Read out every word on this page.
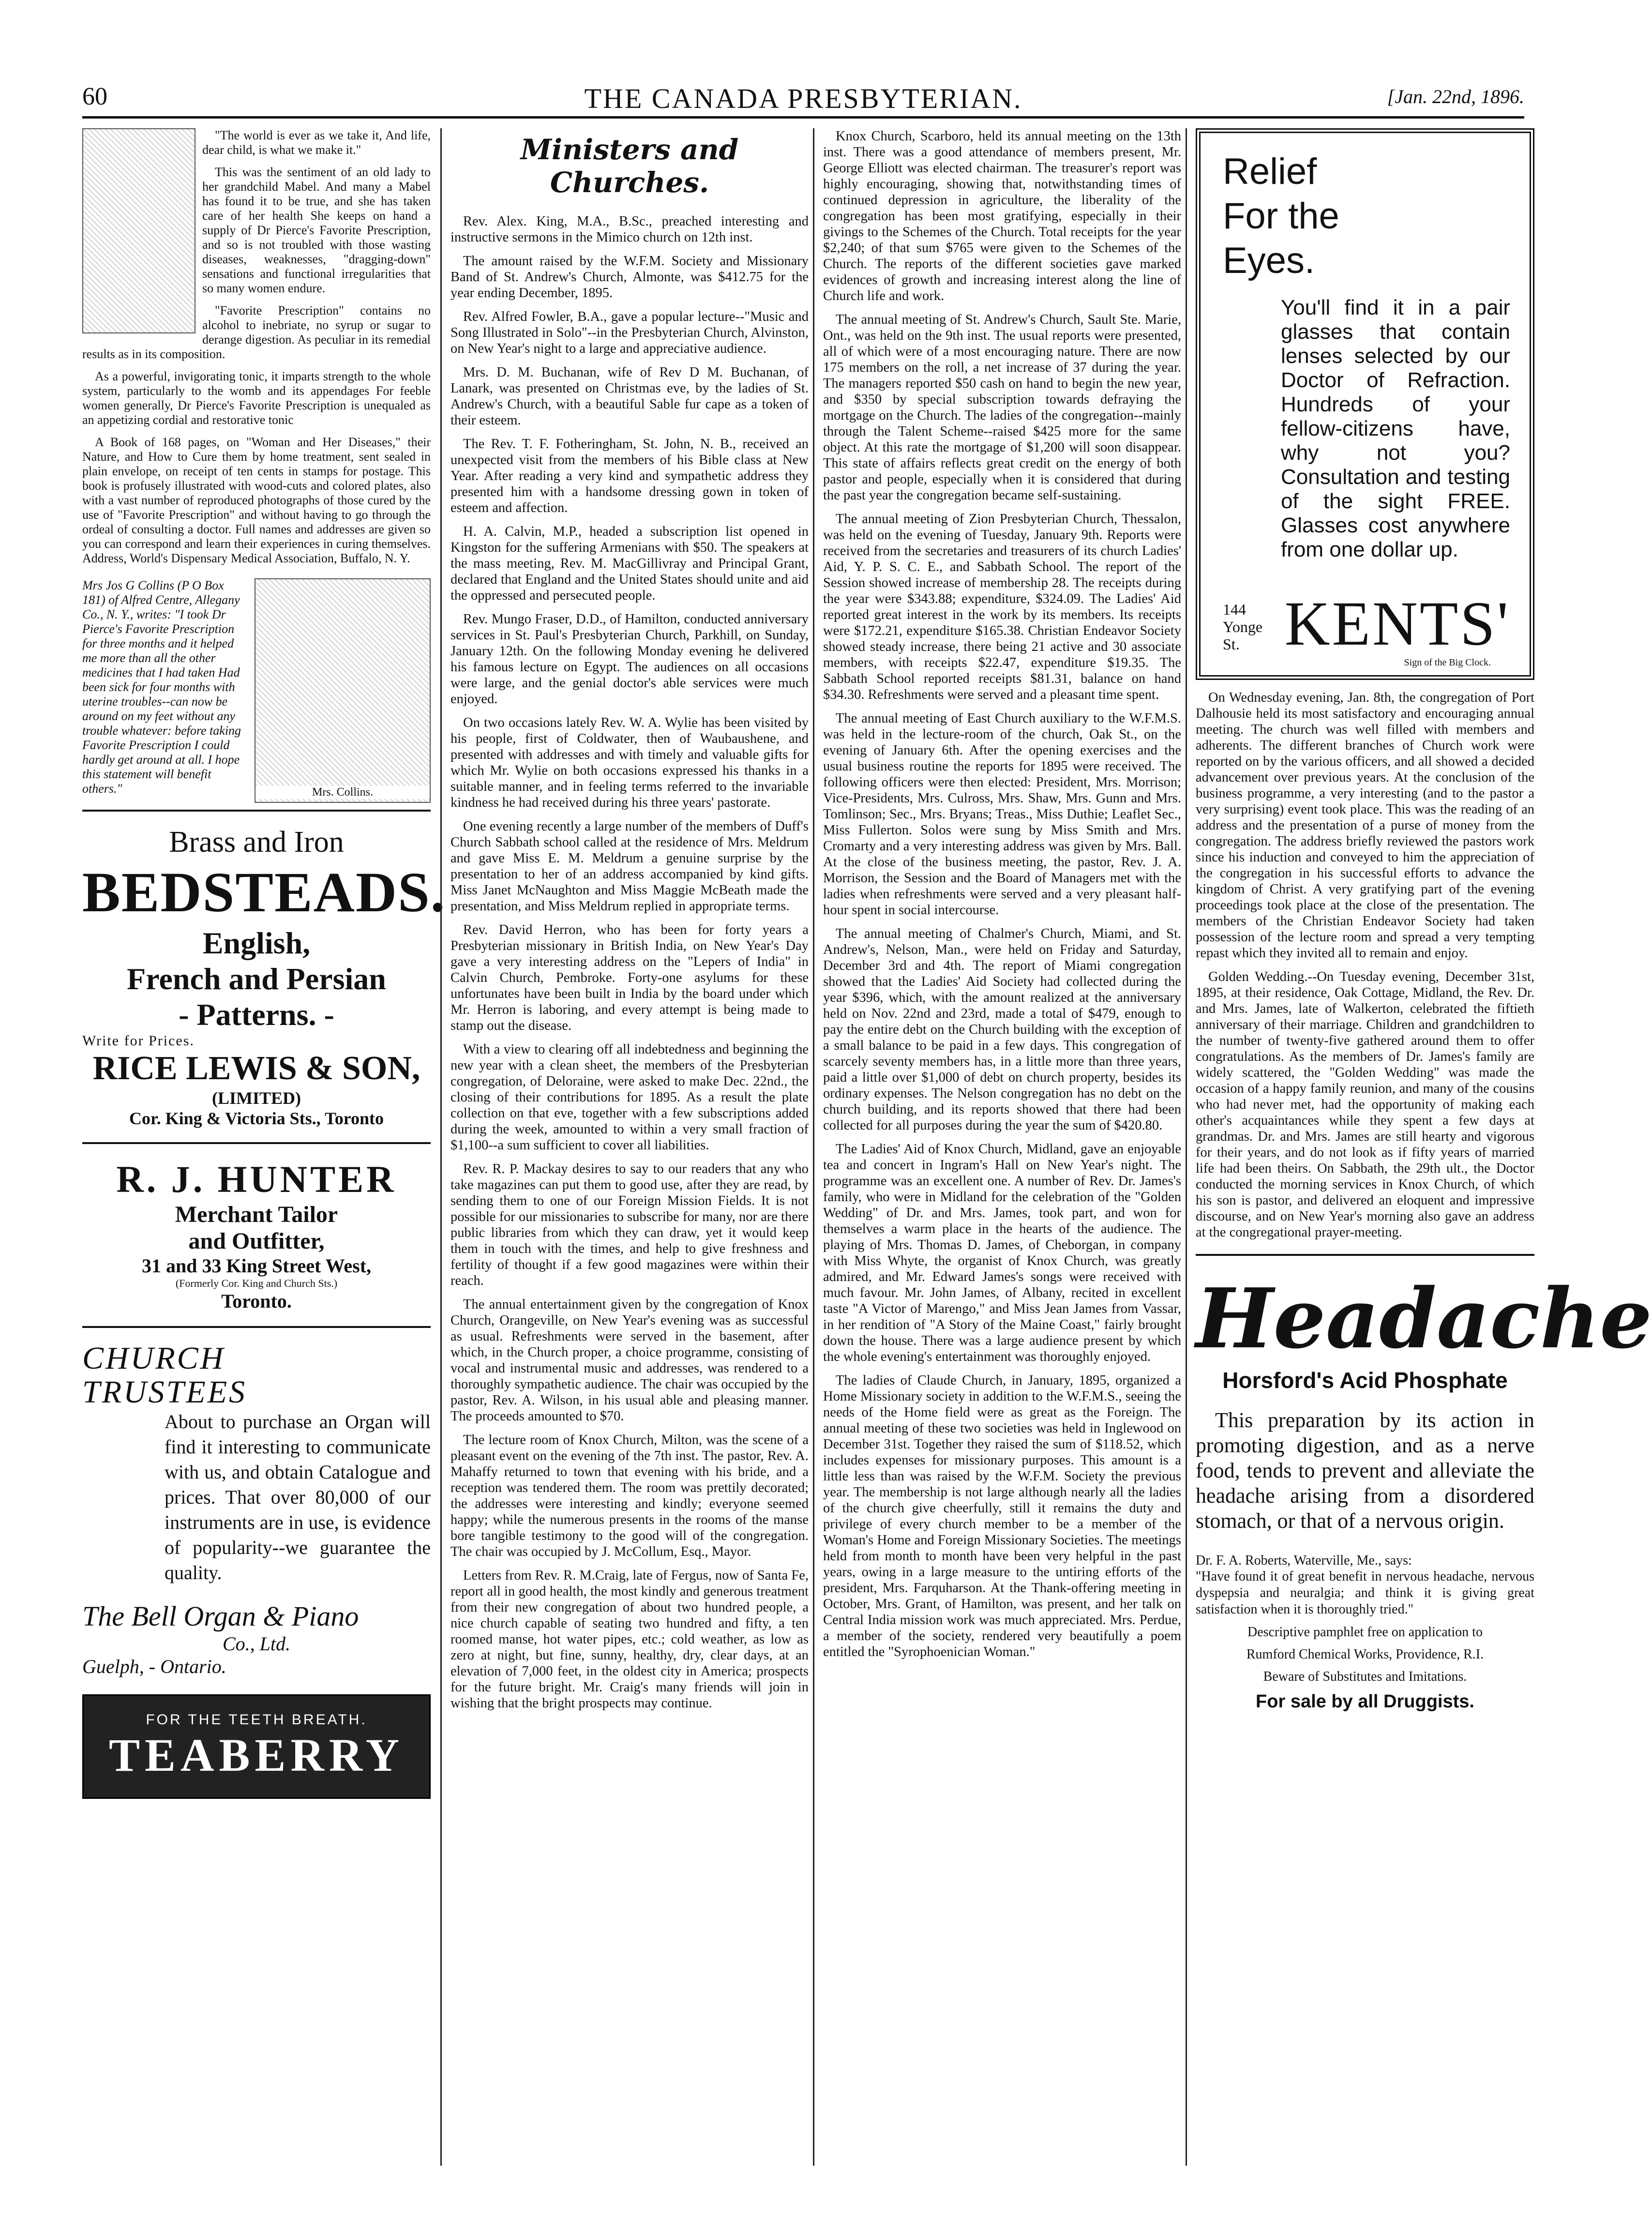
60	THE CANADA PRESBYTERIAN.	[Jan. 22nd, 1896.

"The world is ever as we take it, And life, dear child, is what we make it."

This was the sentiment of an old lady to her grandchild Mabel. And many a Mabel has found it to be true, and she has taken care of her health She keeps on hand a supply of Dr Pierce's Favorite Prescription, and so is not troubled with those wasting diseases, weaknesses, "dragging-down" sensations and functional irregularities that so many women endure.

"Favorite Prescription" contains no alcohol to inebriate, no syrup or sugar to derange digestion. As peculiar in its remedial results as in its composition.

As a powerful, invigorating tonic, it imparts strength to the whole system, particularly to the womb and its appendages For feeble women generally, Dr Pierce's Favorite Prescription is unequaled as an appetizing cordial and restorative tonic

A Book of 168 pages, on "Woman and Her Diseases," their Nature, and How to Cure them by home treatment, sent sealed in plain envelope, on receipt of ten cents in stamps for postage. This book is profusely illustrated with wood-cuts and colored plates, also with a vast number of reproduced photographs of those cured by the use of "Favorite Prescription" and without having to go through the ordeal of consulting a doctor. Full names and addresses are given so you can correspond and learn their experiences in curing themselves. Address, World's Dispensary Medical Association, Buffalo, N. Y.

Mrs. Collins.

Mrs Jos G Collins (P O Box 181) of Alfred Centre, Allegany Co., N. Y., writes: "I took Dr Pierce's Favorite Prescription for three months and it helped me more than all the other medicines that I had taken Had been sick for four months with uterine troubles--can now be around on my feet without any trouble whatever: before taking Favorite Prescription I could hardly get around at all. I hope this statement will benefit others."

Brass and Iron
BEDSTEADS.
English,
French and Persian
- Patterns. -
Write for Prices.
RICE LEWIS & SON,
(LIMITED)
Cor. King & Victoria Sts., Toronto
R. J. HUNTER
Merchant Tailor
and Outfitter,
31 and 33 King Street West,
(Formerly Cor. King and Church Sts.)
Toronto.
CHURCH
TRUSTEES
About to purchase an Organ will find it interesting to communicate with us, and obtain Catalogue and prices. That over 80,000 of our instruments are in use, is evidence of popularity--we guarantee the quality.
The Bell Organ & Piano
Co., Ltd.
Guelph, - Ontario.
FOR THE TEETH BREATH.
TEABERRY
Ministers and Churches.

Rev. Alex. King, M.A., B.Sc., preached interesting and instructive sermons in the Mimico church on 12th inst.

The amount raised by the W.F.M. Society and Missionary Band of St. Andrew's Church, Almonte, was $412.75 for the year ending December, 1895.

Rev. Alfred Fowler, B.A., gave a popular lecture--"Music and Song Illustrated in Solo"--in the Presbyterian Church, Alvinston, on New Year's night to a large and appreciative audience.

Mrs. D. M. Buchanan, wife of Rev D M. Buchanan, of Lanark, was presented on Christmas eve, by the ladies of St. Andrew's Church, with a beautiful Sable fur cape as a token of their esteem.

The Rev. T. F. Fotheringham, St. John, N. B., received an unexpected visit from the members of his Bible class at New Year. After reading a very kind and sympathetic address they presented him with a handsome dressing gown in token of esteem and affection.

H. A. Calvin, M.P., headed a subscription list opened in Kingston for the suffering Armenians with $50. The speakers at the mass meeting, Rev. M. MacGillivray and Principal Grant, declared that England and the United States should unite and aid the oppressed and persecuted people.

Rev. Mungo Fraser, D.D., of Hamilton, conducted anniversary services in St. Paul's Presbyterian Church, Parkhill, on Sunday, January 12th. On the following Monday evening he delivered his famous lecture on Egypt. The audiences on all occasions were large, and the genial doctor's able services were much enjoyed.

On two occasions lately Rev. W. A. Wylie has been visited by his people, first of Coldwater, then of Waubaushene, and presented with addresses and with timely and valuable gifts for which Mr. Wylie on both occasions expressed his thanks in a suitable manner, and in feeling terms referred to the invariable kindness he had received during his three years' pastorate.

One evening recently a large number of the members of Duff's Church Sabbath school called at the residence of Mrs. Meldrum and gave Miss E. M. Meldrum a genuine surprise by the presentation to her of an address accompanied by kind gifts. Miss Janet McNaughton and Miss Maggie McBeath made the presentation, and Miss Meldrum replied in appropriate terms.

Rev. David Herron, who has been for forty years a Presbyterian missionary in British India, on New Year's Day gave a very interesting address on the "Lepers of India" in Calvin Church, Pembroke. Forty-one asylums for these unfortunates have been built in India by the board under which Mr. Herron is laboring, and every attempt is being made to stamp out the disease.

With a view to clearing off all indebtedness and beginning the new year with a clean sheet, the members of the Presbyterian congregation, of Deloraine, were asked to make Dec. 22nd., the closing of their contributions for 1895. As a result the plate collection on that eve, together with a few subscriptions added during the week, amounted to within a very small fraction of $1,100--a sum sufficient to cover all liabilities.

Rev. R. P. Mackay desires to say to our readers that any who take magazines can put them to good use, after they are read, by sending them to one of our Foreign Mission Fields. It is not possible for our missionaries to subscribe for many, nor are there public libraries from which they can draw, yet it would keep them in touch with the times, and help to give freshness and fertility of thought if a few good magazines were within their reach.

The annual entertainment given by the congregation of Knox Church, Orangeville, on New Year's evening was as successful as usual. Refreshments were served in the basement, after which, in the Church proper, a choice programme, consisting of vocal and instrumental music and addresses, was rendered to a thoroughly sympathetic audience. The chair was occupied by the pastor, Rev. A. Wilson, in his usual able and pleasing manner. The proceeds amounted to $70.

The lecture room of Knox Church, Milton, was the scene of a pleasant event on the evening of the 7th inst. The pastor, Rev. A. Mahaffy returned to town that evening with his bride, and a reception was tendered them. The room was prettily decorated; the addresses were interesting and kindly; everyone seemed happy; while the numerous presents in the rooms of the manse bore tangible testimony to the good will of the congregation. The chair was occupied by J. McCollum, Esq., Mayor.

Letters from Rev. R. M.Craig, late of Fergus, now of Santa Fe, report all in good health, the most kindly and generous treatment from their new congregation of about two hundred people, a nice church capable of seating two hundred and fifty, a ten roomed manse, hot water pipes, etc.; cold weather, as low as zero at night, but fine, sunny, healthy, dry, clear days, at an elevation of 7,000 feet, in the oldest city in America; prospects for the future bright. Mr. Craig's many friends will join in wishing that the bright prospects may continue.

Knox Church, Scarboro, held its annual meeting on the 13th inst. There was a good attendance of members present, Mr. George Elliott was elected chairman. The treasurer's report was highly encouraging, showing that, notwithstanding times of continued depression in agriculture, the liberality of the congregation has been most gratifying, especially in their givings to the Schemes of the Church. Total receipts for the year $2,240; of that sum $765 were given to the Schemes of the Church. The reports of the different societies gave marked evidences of growth and increasing interest along the line of Church life and work.

The annual meeting of St. Andrew's Church, Sault Ste. Marie, Ont., was held on the 9th inst. The usual reports were presented, all of which were of a most encouraging nature. There are now 175 members on the roll, a net increase of 37 during the year. The managers reported $50 cash on hand to begin the new year, and $350 by special subscription towards defraying the mortgage on the Church. The ladies of the congregation--mainly through the Talent Scheme--raised $425 more for the same object. At this rate the mortgage of $1,200 will soon disappear. This state of affairs reflects great credit on the energy of both pastor and people, especially when it is considered that during the past year the congregation became self-sustaining.

The annual meeting of Zion Presbyterian Church, Thessalon, was held on the evening of Tuesday, January 9th. Reports were received from the secretaries and treasurers of its church Ladies' Aid, Y. P. S. C. E., and Sabbath School. The report of the Session showed increase of membership 28. The receipts during the year were $343.88; expenditure, $324.09. The Ladies' Aid reported great interest in the work by its members. Its receipts were $172.21, expenditure $165.38. Christian Endeavor Society showed steady increase, there being 21 active and 30 associate members, with receipts $22.47, expenditure $19.35. The Sabbath School reported receipts $81.31, balance on hand $34.30. Refreshments were served and a pleasant time spent.

The annual meeting of East Church auxiliary to the W.F.M.S. was held in the lecture-room of the church, Oak St., on the evening of January 6th. After the opening exercises and the usual business routine the reports for 1895 were received. The following officers were then elected: President, Mrs. Morrison; Vice-Presidents, Mrs. Culross, Mrs. Shaw, Mrs. Gunn and Mrs. Tomlinson; Sec., Mrs. Bryans; Treas., Miss Duthie; Leaflet Sec., Miss Fullerton. Solos were sung by Miss Smith and Mrs. Cromarty and a very interesting address was given by Mrs. Ball. At the close of the business meeting, the pastor, Rev. J. A. Morrison, the Session and the Board of Managers met with the ladies when refreshments were served and a very pleasant half-hour spent in social intercourse.

The annual meeting of Chalmer's Church, Miami, and St. Andrew's, Nelson, Man., were held on Friday and Saturday, December 3rd and 4th. The report of Miami congregation showed that the Ladies' Aid Society had collected during the year $396, which, with the amount realized at the anniversary held on Nov. 22nd and 23rd, made a total of $479, enough to pay the entire debt on the Church building with the exception of a small balance to be paid in a few days. This congregation of scarcely seventy members has, in a little more than three years, paid a little over $1,000 of debt on church property, besides its ordinary expenses. The Nelson congregation has no debt on the church building, and its reports showed that there had been collected for all purposes during the year the sum of $420.80.

The Ladies' Aid of Knox Church, Midland, gave an enjoyable tea and concert in Ingram's Hall on New Year's night. The programme was an excellent one. A number of Rev. Dr. James's family, who were in Midland for the celebration of the "Golden Wedding" of Dr. and Mrs. James, took part, and won for themselves a warm place in the hearts of the audience. The playing of Mrs. Thomas D. James, of Cheborgan, in company with Miss Whyte, the organist of Knox Church, was greatly admired, and Mr. Edward James's songs were received with much favour. Mr. John James, of Albany, recited in excellent taste "A Victor of Marengo," and Miss Jean James from Vassar, in her rendition of "A Story of the Maine Coast," fairly brought down the house. There was a large audience present by which the whole evening's entertainment was thoroughly enjoyed.

The ladies of Claude Church, in January, 1895, organized a Home Missionary society in addition to the W.F.M.S., seeing the needs of the Home field were as great as the Foreign. The annual meeting of these two societies was held in Inglewood on December 31st. Together they raised the sum of $118.52, which includes expenses for missionary purposes. This amount is a little less than was raised by the W.F.M. Society the previous year. The membership is not large although nearly all the ladies of the church give cheerfully, still it remains the duty and privilege of every church member to be a member of the Woman's Home and Foreign Missionary Societies. The meetings held from month to month have been very helpful in the past years, owing in a large measure to the untiring efforts of the president, Mrs. Farquharson. At the Thank-offering meeting in October, Mrs. Grant, of Hamilton, was present, and her talk on Central India mission work was much appreciated. Mrs. Perdue, a member of the society, rendered very beautifully a poem entitled the "Syrophoenician Woman."

Relief
For the
Eyes.
You'll find it in a pair glasses that contain lenses selected by our Doctor of Refraction. Hundreds of your fellow-citizens have, why not you? Consultation and testing of the sight FREE. Glasses cost anywhere from one dollar up.
144
Yonge St. KENTS'
Sign of the Big Clock.

On Wednesday evening, Jan. 8th, the congregation of Port Dalhousie held its most satisfactory and encouraging annual meeting. The church was well filled with members and adherents. The different branches of Church work were reported on by the various officers, and all showed a decided advancement over previous years. At the conclusion of the business programme, a very interesting (and to the pastor a very surprising) event took place. This was the reading of an address and the presentation of a purse of money from the congregation. The address briefly reviewed the pastors work since his induction and conveyed to him the appreciation of the congregation in his successful efforts to advance the kingdom of Christ. A very gratifying part of the evening proceedings took place at the close of the presentation. The members of the Christian Endeavor Society had taken possession of the lecture room and spread a very tempting repast which they invited all to remain and enjoy.

Golden Wedding.--On Tuesday evening, December 31st, 1895, at their residence, Oak Cottage, Midland, the Rev. Dr. and Mrs. James, late of Walkerton, celebrated the fiftieth anniversary of their marriage. Children and grandchildren to the number of twenty-five gathered around them to offer congratulations. As the members of Dr. James's family are widely scattered, the "Golden Wedding" was made the occasion of a happy family reunion, and many of the cousins who had never met, had the opportunity of making each other's acquaintances while they spent a few days at grandmas. Dr. and Mrs. James are still hearty and vigorous for their years, and do not look as if fifty years of married life had been theirs. On Sabbath, the 29th ult., the Doctor conducted the morning services in Knox Church, of which his son is pastor, and delivered an eloquent and impressive discourse, and on New Year's morning also gave an address at the congregational prayer-meeting.

Headache
Horsford's Acid Phosphate
This preparation by its action in promoting digestion, and as a nerve food, tends to prevent and alleviate the headache arising from a disordered stomach, or that of a nervous origin.
Dr. F. A. Roberts, Waterville, Me., says:
"Have found it of great benefit in nervous headache, nervous dyspepsia and neuralgia; and think it is giving great satisfaction when it is thoroughly tried."
Descriptive pamphlet free on application to
Rumford Chemical Works, Providence, R.I.
Beware of Substitutes and Imitations.
For sale by all Druggists.
